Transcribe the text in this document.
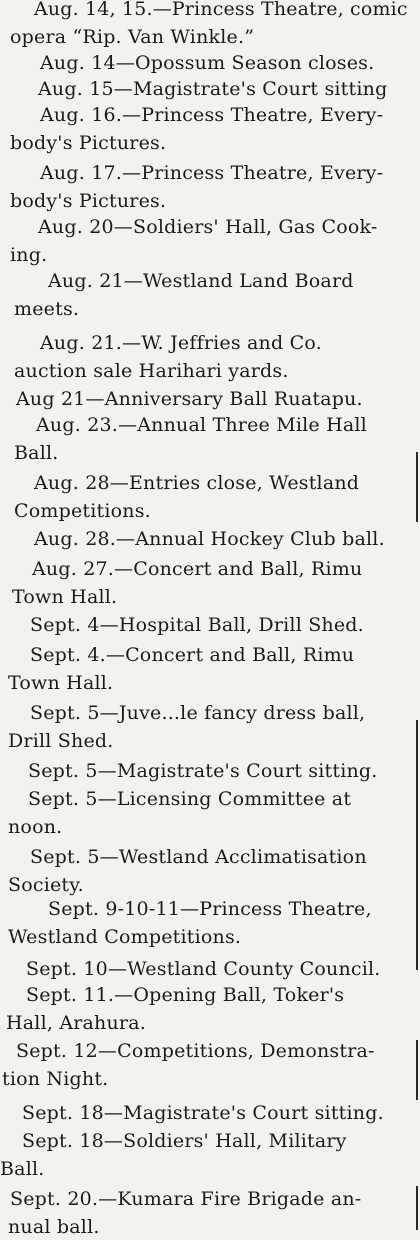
Aug. 14, 15.—Princess Theatre, comic
opera “Rip. Van Winkle.”
Aug. 14—Opossum Season closes.
Aug. 15—Magistrate's Court sitting
Aug. 16.—Princess Theatre, Every-
body's Pictures.
Aug. 17.—Princess Theatre, Every-
body's Pictures.
Aug. 20—Soldiers' Hall, Gas Cook-
ing.
Aug. 21—Westland Land Board
meets.
Aug. 21.—W. Jeffries and Co.
auction sale Harihari yards.
Aug 21—Anniversary Ball Ruatapu.
Aug. 23.—Annual Three Mile Hall
Ball.
Aug. 28—Entries close, Westland
Competitions.
Aug. 28.—Annual Hockey Club ball.
Aug. 27.—Concert and Ball, Rimu
Town Hall.
Sept. 4—Hospital Ball, Drill Shed.
Sept. 4.—Concert and Ball, Rimu
Town Hall.
Sept. 5—Juve...le fancy dress ball,
Drill Shed.
Sept. 5—Magistrate's Court sitting.
Sept. 5—Licensing Committee at
noon.
Sept. 5—Westland Acclimatisation
Society.
Sept. 9-10-11—Princess Theatre,
Westland Competitions.
Sept. 10—Westland County Council.
Sept. 11.—Opening Ball, Toker's
Hall, Arahura.
Sept. 12—Competitions, Demonstra-
tion Night.
Sept. 18—Magistrate's Court sitting.
Sept. 18—Soldiers' Hall, Military
Ball.
Sept. 20.—Kumara Fire Brigade an-
nual ball.
